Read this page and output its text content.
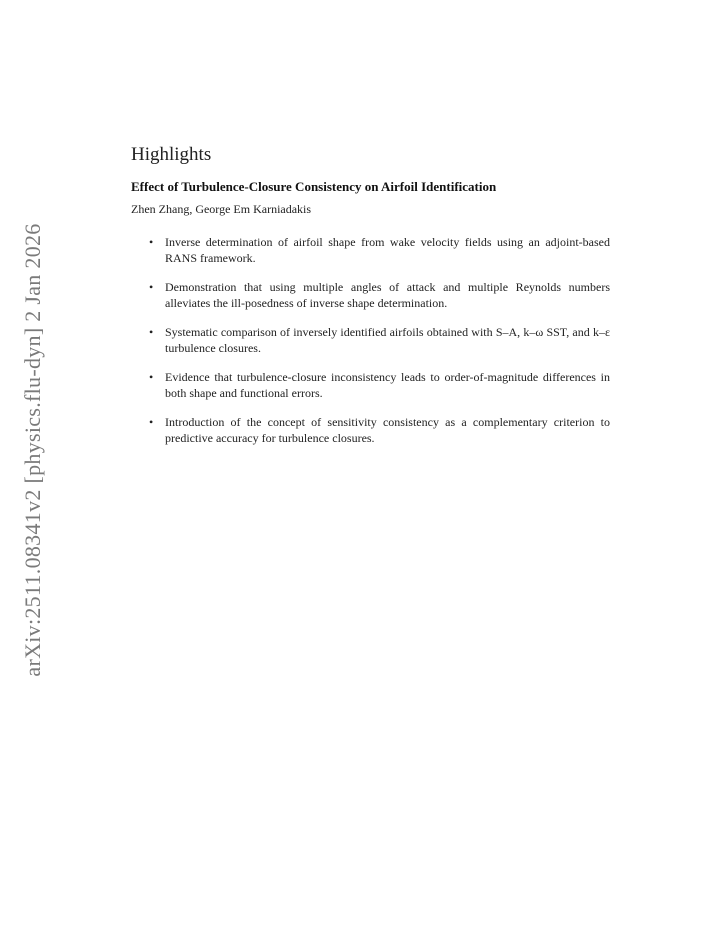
arXiv:2511.08341v2 [physics.flu-dyn] 2 Jan 2026
Highlights
Effect of Turbulence-Closure Consistency on Airfoil Identification
Zhen Zhang, George Em Karniadakis
• Inverse determination of airfoil shape from wake velocity fields using an adjoint-based RANS framework.
• Demonstration that using multiple angles of attack and multiple Reynolds numbers alleviates the ill-posedness of inverse shape determination.
• Systematic comparison of inversely identified airfoils obtained with S–A, k–ω SST, and k–ε turbulence closures.
• Evidence that turbulence-closure inconsistency leads to order-of-magnitude differences in both shape and functional errors.
• Introduction of the concept of sensitivity consistency as a complementary criterion to predictive accuracy for turbulence closures.
